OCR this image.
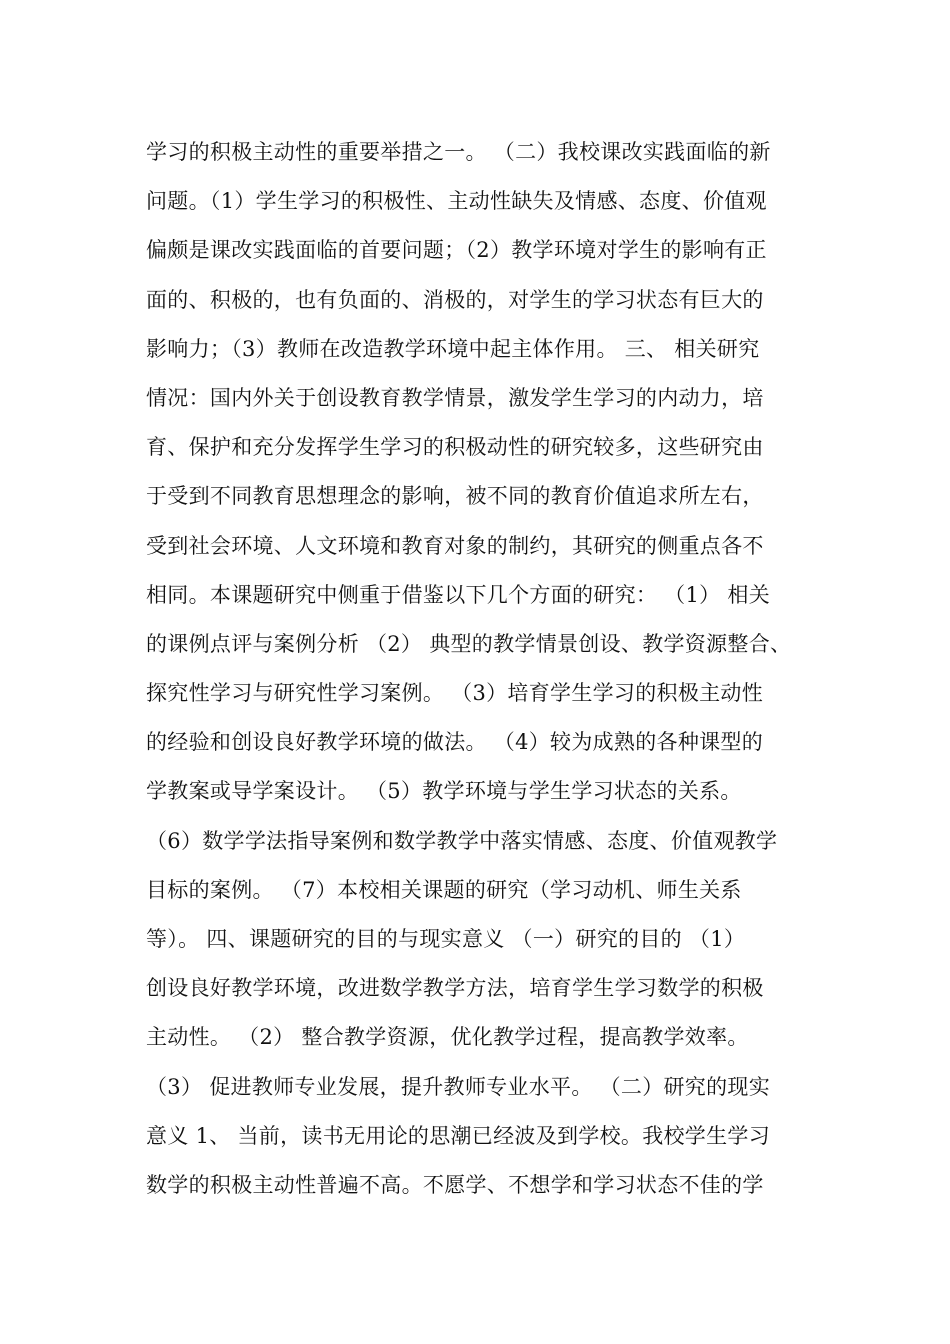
学习的积极主动性的重要举措之一。 （二）我校课改实践面临的新
问题。（1）学生学习的积极性、主动性缺失及情感、态度、价值观
偏颇是课改实践面临的首要问题；（2）教学环境对学生的影响有正
面的、积极的，也有负面的、消极的，对学生的学习状态有巨大的
影响力；（3）教师在改造教学环境中起主体作用。 三、 相关研究
情况：国内外关于创设教育教学情景，激发学生学习的内动力，培
育、保护和充分发挥学生学习的积极动性的研究较多，这些研究由
于受到不同教育思想理念的影响，被不同的教育价值追求所左右，
受到社会环境、人文环境和教育对象的制约，其研究的侧重点各不
相同。本课题研究中侧重于借鉴以下几个方面的研究： （1） 相关
的课例点评与案例分析 （2） 典型的教学情景创设、教学资源整合、
探究性学习与研究性学习案例。 （3）培育学生学习的积极主动性
的经验和创设良好教学环境的做法。 （4）较为成熟的各种课型的
学教案或导学案设计。 （5）教学环境与学生学习状态的关系。
（6）数学学法指导案例和数学教学中落实情感、态度、价值观教学
目标的案例。 （7）本校相关课题的研究（学习动机、师生关系
等）。 四、课题研究的目的与现实意义 （一）研究的目的 （1）
创设良好教学环境，改进数学教学方法，培育学生学习数学的积极
主动性。 （2） 整合教学资源，优化教学过程，提高教学效率。
（3） 促进教师专业发展，提升教师专业水平。 （二）研究的现实
意义 1、 当前，读书无用论的思潮已经波及到学校。我校学生学习
数学的积极主动性普遍不高。不愿学、不想学和学习状态不佳的学
